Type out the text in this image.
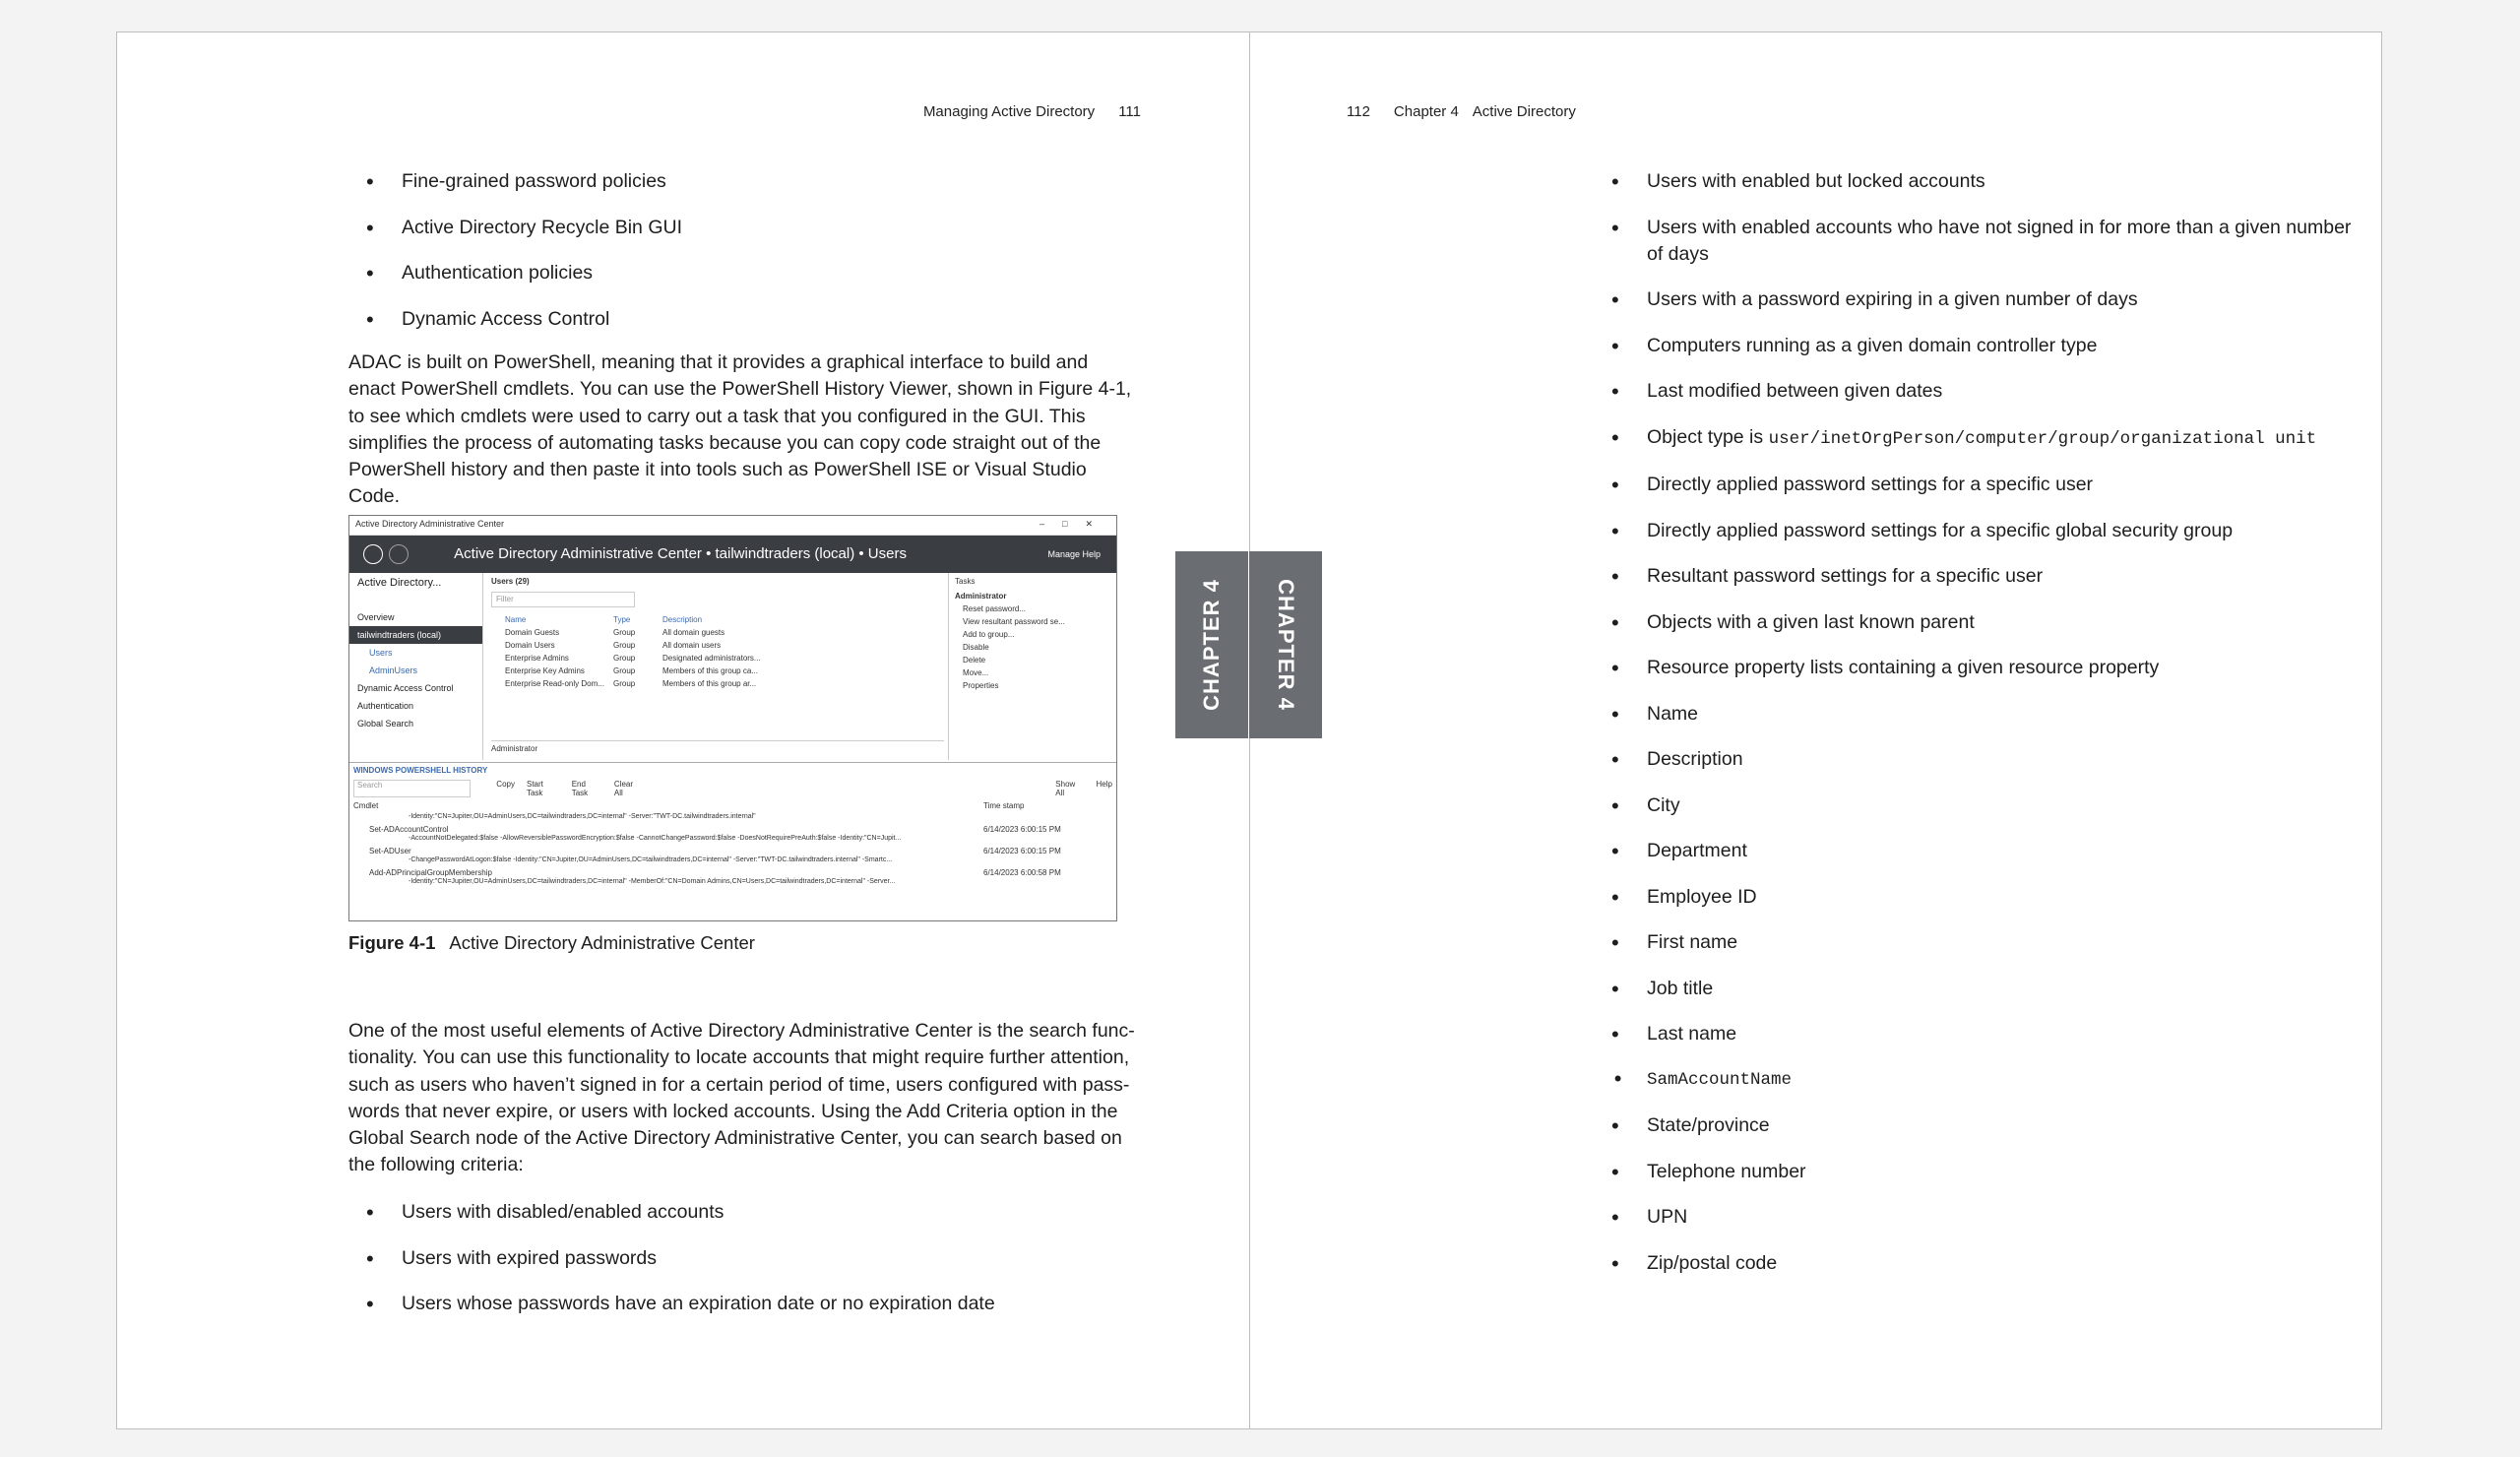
Managing Active Directory 111
• Fine-grained password policies
• Active Directory Recycle Bin GUI
• Authentication policies
• Dynamic Access Control

ADAC is built on PowerShell, meaning that it provides a graphical interface to build and enact PowerShell cmdlets. You can use the PowerShell History Viewer, shown in Figure 4-1, to see which cmdlets were used to carry out a task that you configured in the GUI. This simplifies the process of automating tasks because you can copy code straight out of the PowerShell history and then paste it into tools such as PowerShell ISE or Visual Studio Code.

Active Directory Administrative Center	–□✕
Active Directory Administrative Center • tailwindtraders (local) • Users	Manage Help
Active Directory...
Overview
tailwindtraders (local)
Users
AdminUsers
Dynamic Access Control
Authentication
Global Search
Users (29)
Filter
Name	Type	Description
Domain Guests	Group	All domain guests
Domain Users	Group	All domain users
Enterprise Admins	Group	Designated administrators...
Enterprise Key Admins	Group	Members of this group ca...
Enterprise Read-only Dom...	Group	Members of this group ar...
Administrator
Tasks
Administrator
Reset password...
View resultant password se...
Add to group...
Disable
Delete
Move...
Properties
WINDOWS POWERSHELL HISTORY
Search	Copy Start Task
End Task
Clear All
Show All
Help
Cmdlet	Time stamp
-Identity:"CN=Jupiter,OU=AdminUsers,DC=tailwindtraders,DC=internal" -Server:"TWT-DC.tailwindtraders.internal"
Set-ADAccountControl	6/14/2023 6:00:15 PM
-AccountNotDelegated:$false -AllowReversiblePasswordEncryption:$false -CannotChangePassword:$false -DoesNotRequirePreAuth:$false -Identity:"CN=Jupit...
Set-ADUser	6/14/2023 6:00:15 PM
-ChangePasswordAtLogon:$false -Identity:"CN=Jupiter,OU=AdminUsers,DC=tailwindtraders,DC=internal" -Server:"TWT-DC.tailwindtraders.internal" -Smartc...
Add-ADPrincipalGroupMembership	6/14/2023 6:00:58 PM
-Identity:"CN=Jupiter,OU=AdminUsers,DC=tailwindtraders,DC=internal" -MemberOf:"CN=Domain Admins,CN=Users,DC=tailwindtraders,DC=internal" -Server...
Figure 4-1 Active Directory Administrative Center

One of the most useful elements of Active Directory Administrative Center is the search func-tionality. You can use this functionality to locate accounts that might require further attention, such as users who haven’t signed in for a certain period of time, users configured with pass-words that never expire, or users with locked accounts. Using the Add Criteria option in the Global Search node of the Active Directory Administrative Center, you can search based on the following criteria:

• Users with disabled/enabled accounts
• Users with expired passwords
• Users whose passwords have an expiration date or no expiration date
112 Chapter 4 Active Directory
• Users with enabled but locked accounts
• Users with enabled accounts who have not signed in for more than a given number of days
• Users with a password expiring in a given number of days
• Computers running as a given domain controller type
• Last modified between given dates
• Object type is user/inetOrgPerson/computer/group/organizational unit
• Directly applied password settings for a specific user
• Directly applied password settings for a specific global security group
• Resultant password settings for a specific user
• Objects with a given last known parent
• Resource property lists containing a given resource property
• Name
• Description
• City
• Department
• Employee ID
• First name
• Job title
• Last name
• SamAccountName
• State/province
• Telephone number
• UPN
• Zip/postal code
CHAPTER 4 CHAPTER 4
